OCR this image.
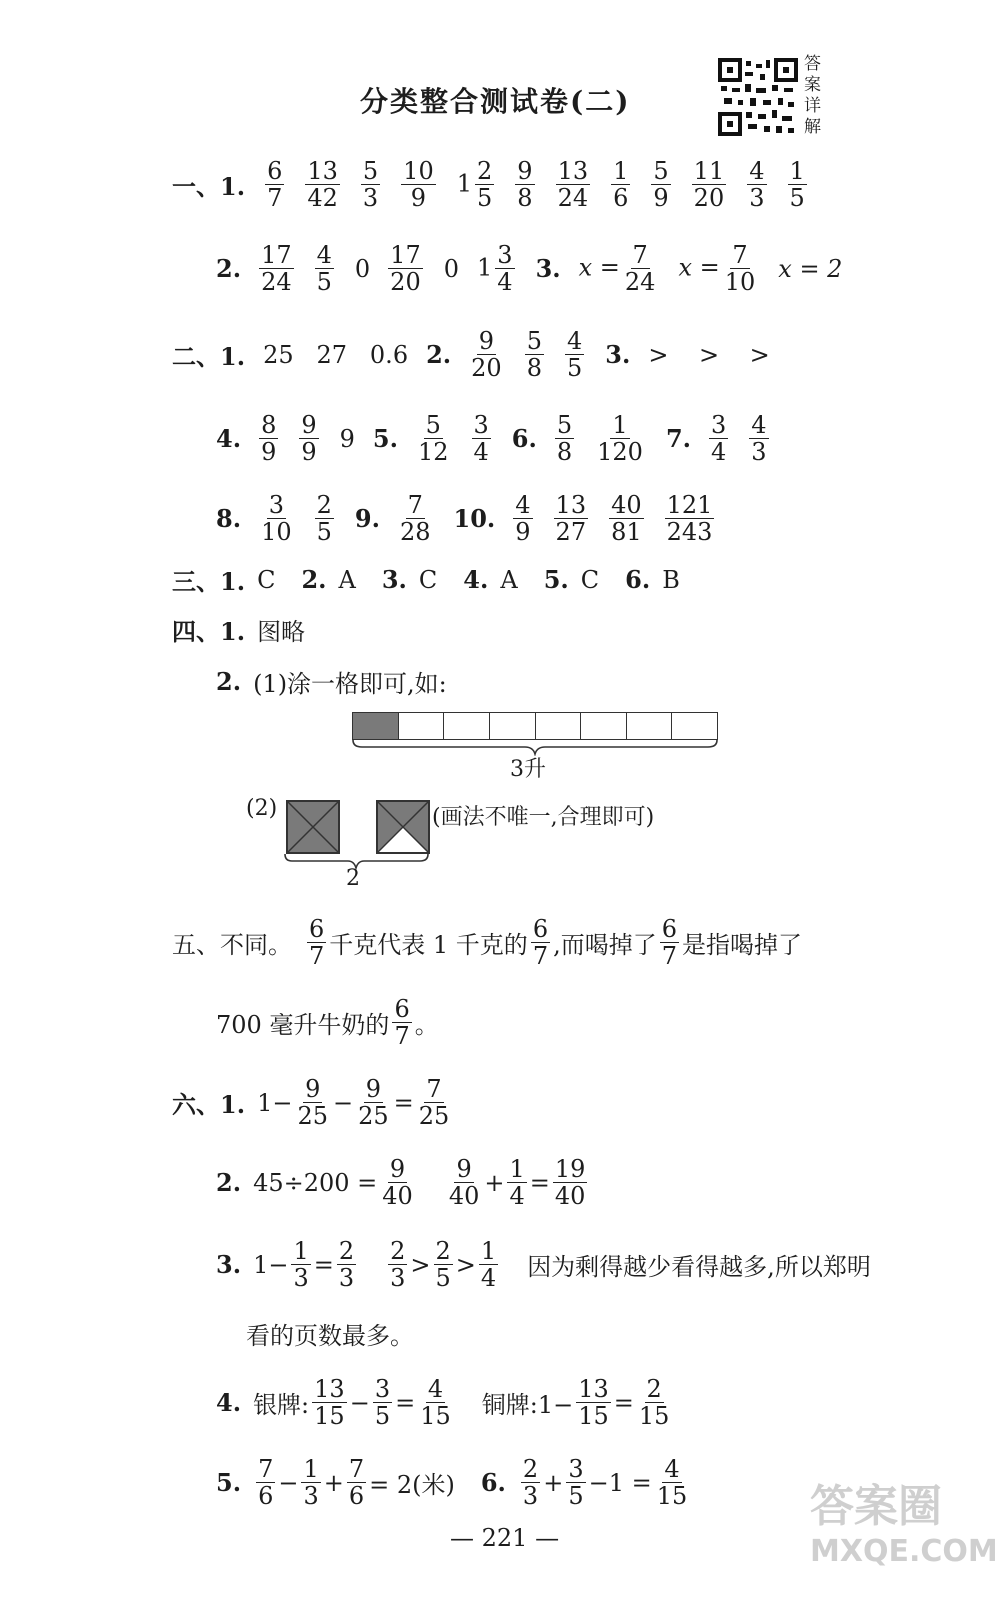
分类整合测试卷(二)
答
案
详
解
一、1. $\frac{6}{7} \frac{13}{42} \frac{5}{3} \frac{10}{9} 1 \frac{2}{5} \frac{9}{8} \frac{13}{24} \frac{1}{6} \frac{5}{9} \frac{11}{20} \frac{4}{3} \frac{1}{5}$
2. $\frac{17}{24} \frac{4}{5} 0 \frac{17}{20} 0$ $1 \frac{3}{4} 3$. $x = \frac{7}{24}$ $x = \frac{7}{10}$ x = 2
二、1. 25   27   0.6 2. $\frac{9}{20} \frac{5}{8} \frac{4}{5} 3$. >    >    >
4. $\frac{8}{9} \frac{9}{9} 9$ 5. $\frac{5}{12} \frac{3}{4} 6$. $\frac{5}{8} \frac{1}{120} 7$. $\frac{3}{4} \frac{4}{3}$
8. $\frac{3}{10} \frac{2}{5} 9$. $\frac{7}{28} 10$. $\frac{4}{9} \frac{13}{27} \frac{40}{81} \frac{121}{243}$
三、1. C 2. A 3. C 4. A 5. C 6. B
四、1. 图略
2. (1)涂一格即可,如:
3升
(2)	(画法不唯一,合理即可)
2
五、不同。 $\frac{6}{7}$ 千克代表 1 千克的 $\frac{6}{7}$ ,而喝掉了 $\frac{6}{7}$ 是指喝掉了
700 毫升牛奶的 $\frac{6}{7}$ 。
六、1. $1- \frac{9}{25} - \frac{9}{25} = \frac{7}{25}$
2. $45\div 200 = \frac{9}{40} \frac{9}{40} + \frac{1}{4} = \frac{19}{40}$
3. $1- \frac{1}{3} = \frac{2}{3} \frac{2}{3} > \frac{2}{5} > \frac{1}{4}$ 因为剩得越少看得越多,所以郑明
看的页数最多。
4. 银牌: $\frac{13}{15} - \frac{3}{5} = \frac{4}{15}$ 铜牌:1− $\frac{13}{15} = \frac{2}{15}$
5. $\frac{7}{6} - \frac{1}{3} + \frac{7}{6} = 2$(米) 6. $\frac{2}{3} + \frac{3}{5} -1 = \frac{4}{15}$
— 221 —
答案圈
MXQE.COM
